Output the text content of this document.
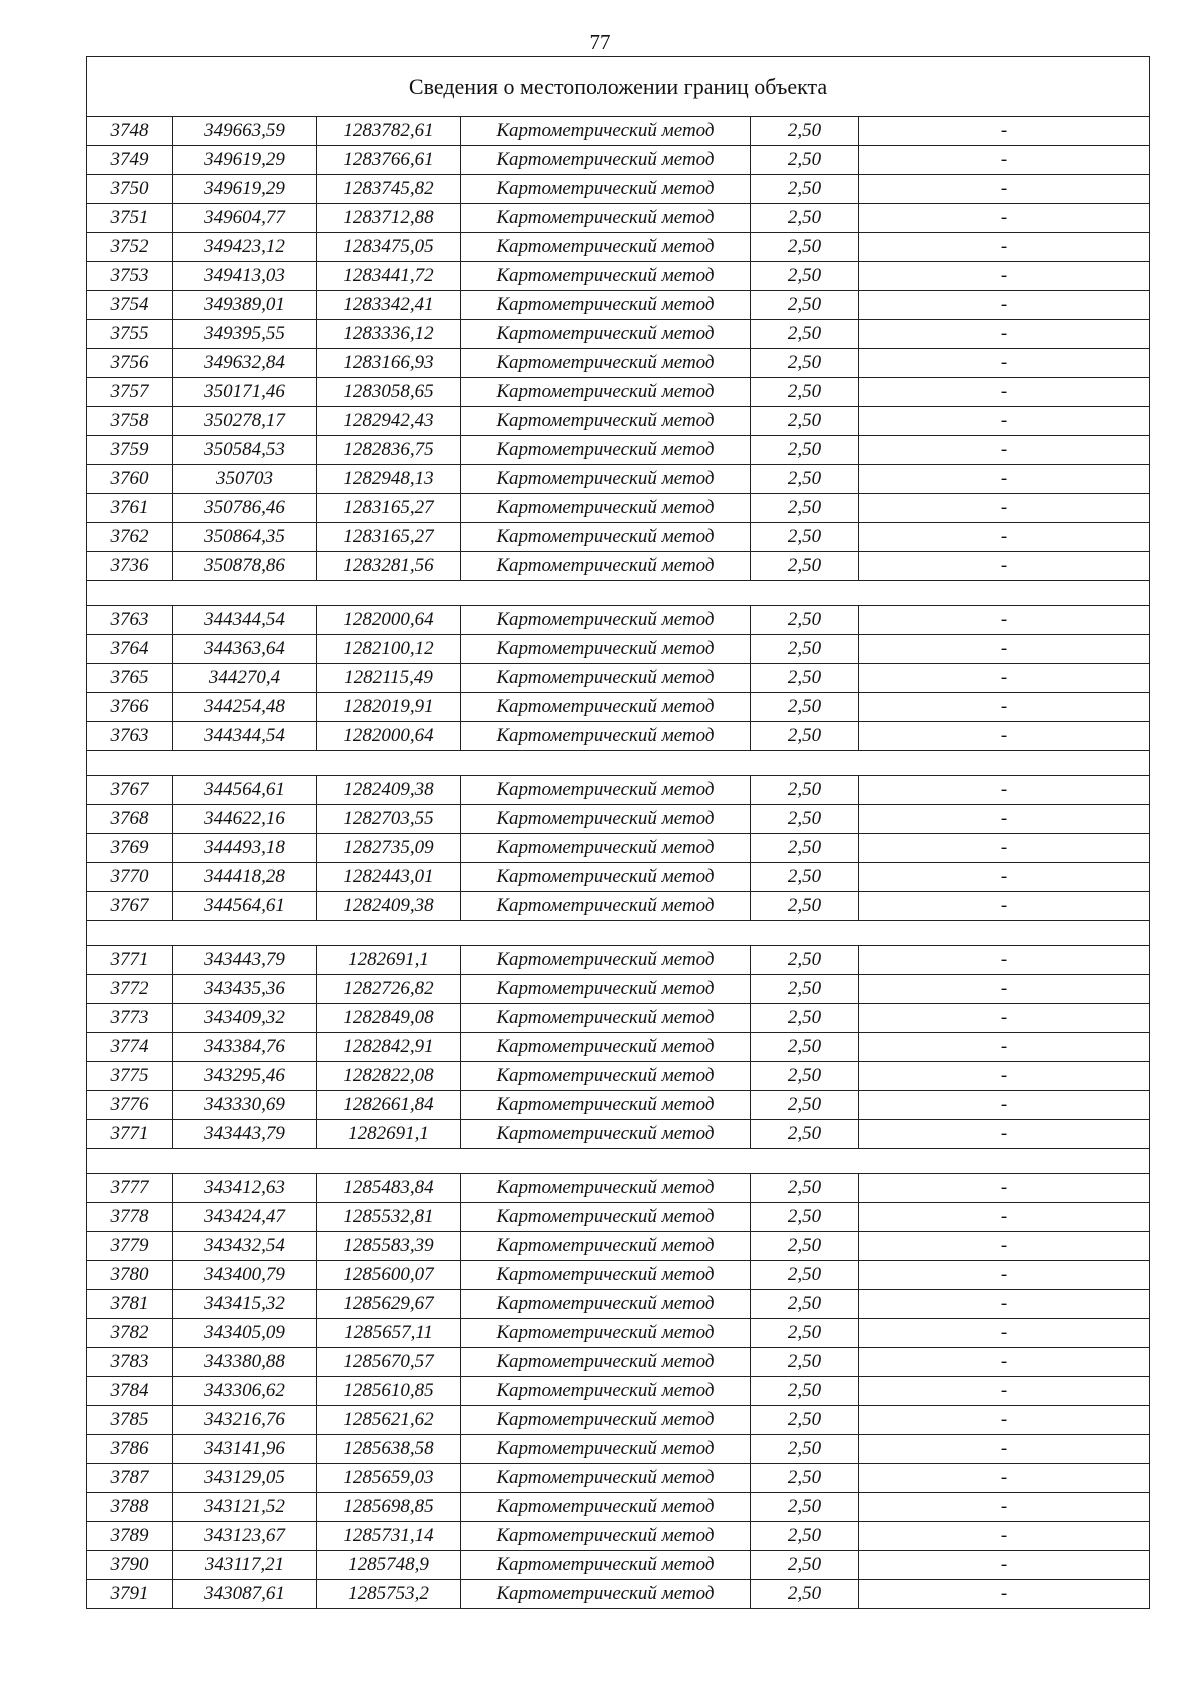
77
Сведения о местоположении границ объекта					
3748	349663,59	1283782,61	Картометрический метод	2,50	-
3749	349619,29	1283766,61	Картометрический метод	2,50	-
3750	349619,29	1283745,82	Картометрический метод	2,50	-
3751	349604,77	1283712,88	Картометрический метод	2,50	-
3752	349423,12	1283475,05	Картометрический метод	2,50	-
3753	349413,03	1283441,72	Картометрический метод	2,50	-
3754	349389,01	1283342,41	Картометрический метод	2,50	-
3755	349395,55	1283336,12	Картометрический метод	2,50	-
3756	349632,84	1283166,93	Картометрический метод	2,50	-
3757	350171,46	1283058,65	Картометрический метод	2,50	-
3758	350278,17	1282942,43	Картометрический метод	2,50	-
3759	350584,53	1282836,75	Картометрический метод	2,50	-
3760	350703	1282948,13	Картометрический метод	2,50	-
3761	350786,46	1283165,27	Картометрический метод	2,50	-
3762	350864,35	1283165,27	Картометрический метод	2,50	-
3736	350878,86	1283281,56	Картометрический метод	2,50	-

3763	344344,54	1282000,64	Картометрический метод	2,50	-
3764	344363,64	1282100,12	Картометрический метод	2,50	-
3765	344270,4	1282115,49	Картометрический метод	2,50	-
3766	344254,48	1282019,91	Картометрический метод	2,50	-
3763	344344,54	1282000,64	Картометрический метод	2,50	-

3767	344564,61	1282409,38	Картометрический метод	2,50	-
3768	344622,16	1282703,55	Картометрический метод	2,50	-
3769	344493,18	1282735,09	Картометрический метод	2,50	-
3770	344418,28	1282443,01	Картометрический метод	2,50	-
3767	344564,61	1282409,38	Картометрический метод	2,50	-

3771	343443,79	1282691,1	Картометрический метод	2,50	-
3772	343435,36	1282726,82	Картометрический метод	2,50	-
3773	343409,32	1282849,08	Картометрический метод	2,50	-
3774	343384,76	1282842,91	Картометрический метод	2,50	-
3775	343295,46	1282822,08	Картометрический метод	2,50	-
3776	343330,69	1282661,84	Картометрический метод	2,50	-
3771	343443,79	1282691,1	Картометрический метод	2,50	-

3777	343412,63	1285483,84	Картометрический метод	2,50	-
3778	343424,47	1285532,81	Картометрический метод	2,50	-
3779	343432,54	1285583,39	Картометрический метод	2,50	-
3780	343400,79	1285600,07	Картометрический метод	2,50	-
3781	343415,32	1285629,67	Картометрический метод	2,50	-
3782	343405,09	1285657,11	Картометрический метод	2,50	-
3783	343380,88	1285670,57	Картометрический метод	2,50	-
3784	343306,62	1285610,85	Картометрический метод	2,50	-
3785	343216,76	1285621,62	Картометрический метод	2,50	-
3786	343141,96	1285638,58	Картометрический метод	2,50	-
3787	343129,05	1285659,03	Картометрический метод	2,50	-
3788	343121,52	1285698,85	Картометрический метод	2,50	-
3789	343123,67	1285731,14	Картометрический метод	2,50	-
3790	343117,21	1285748,9	Картометрический метод	2,50	-
3791	343087,61	1285753,2	Картометрический метод	2,50	-
